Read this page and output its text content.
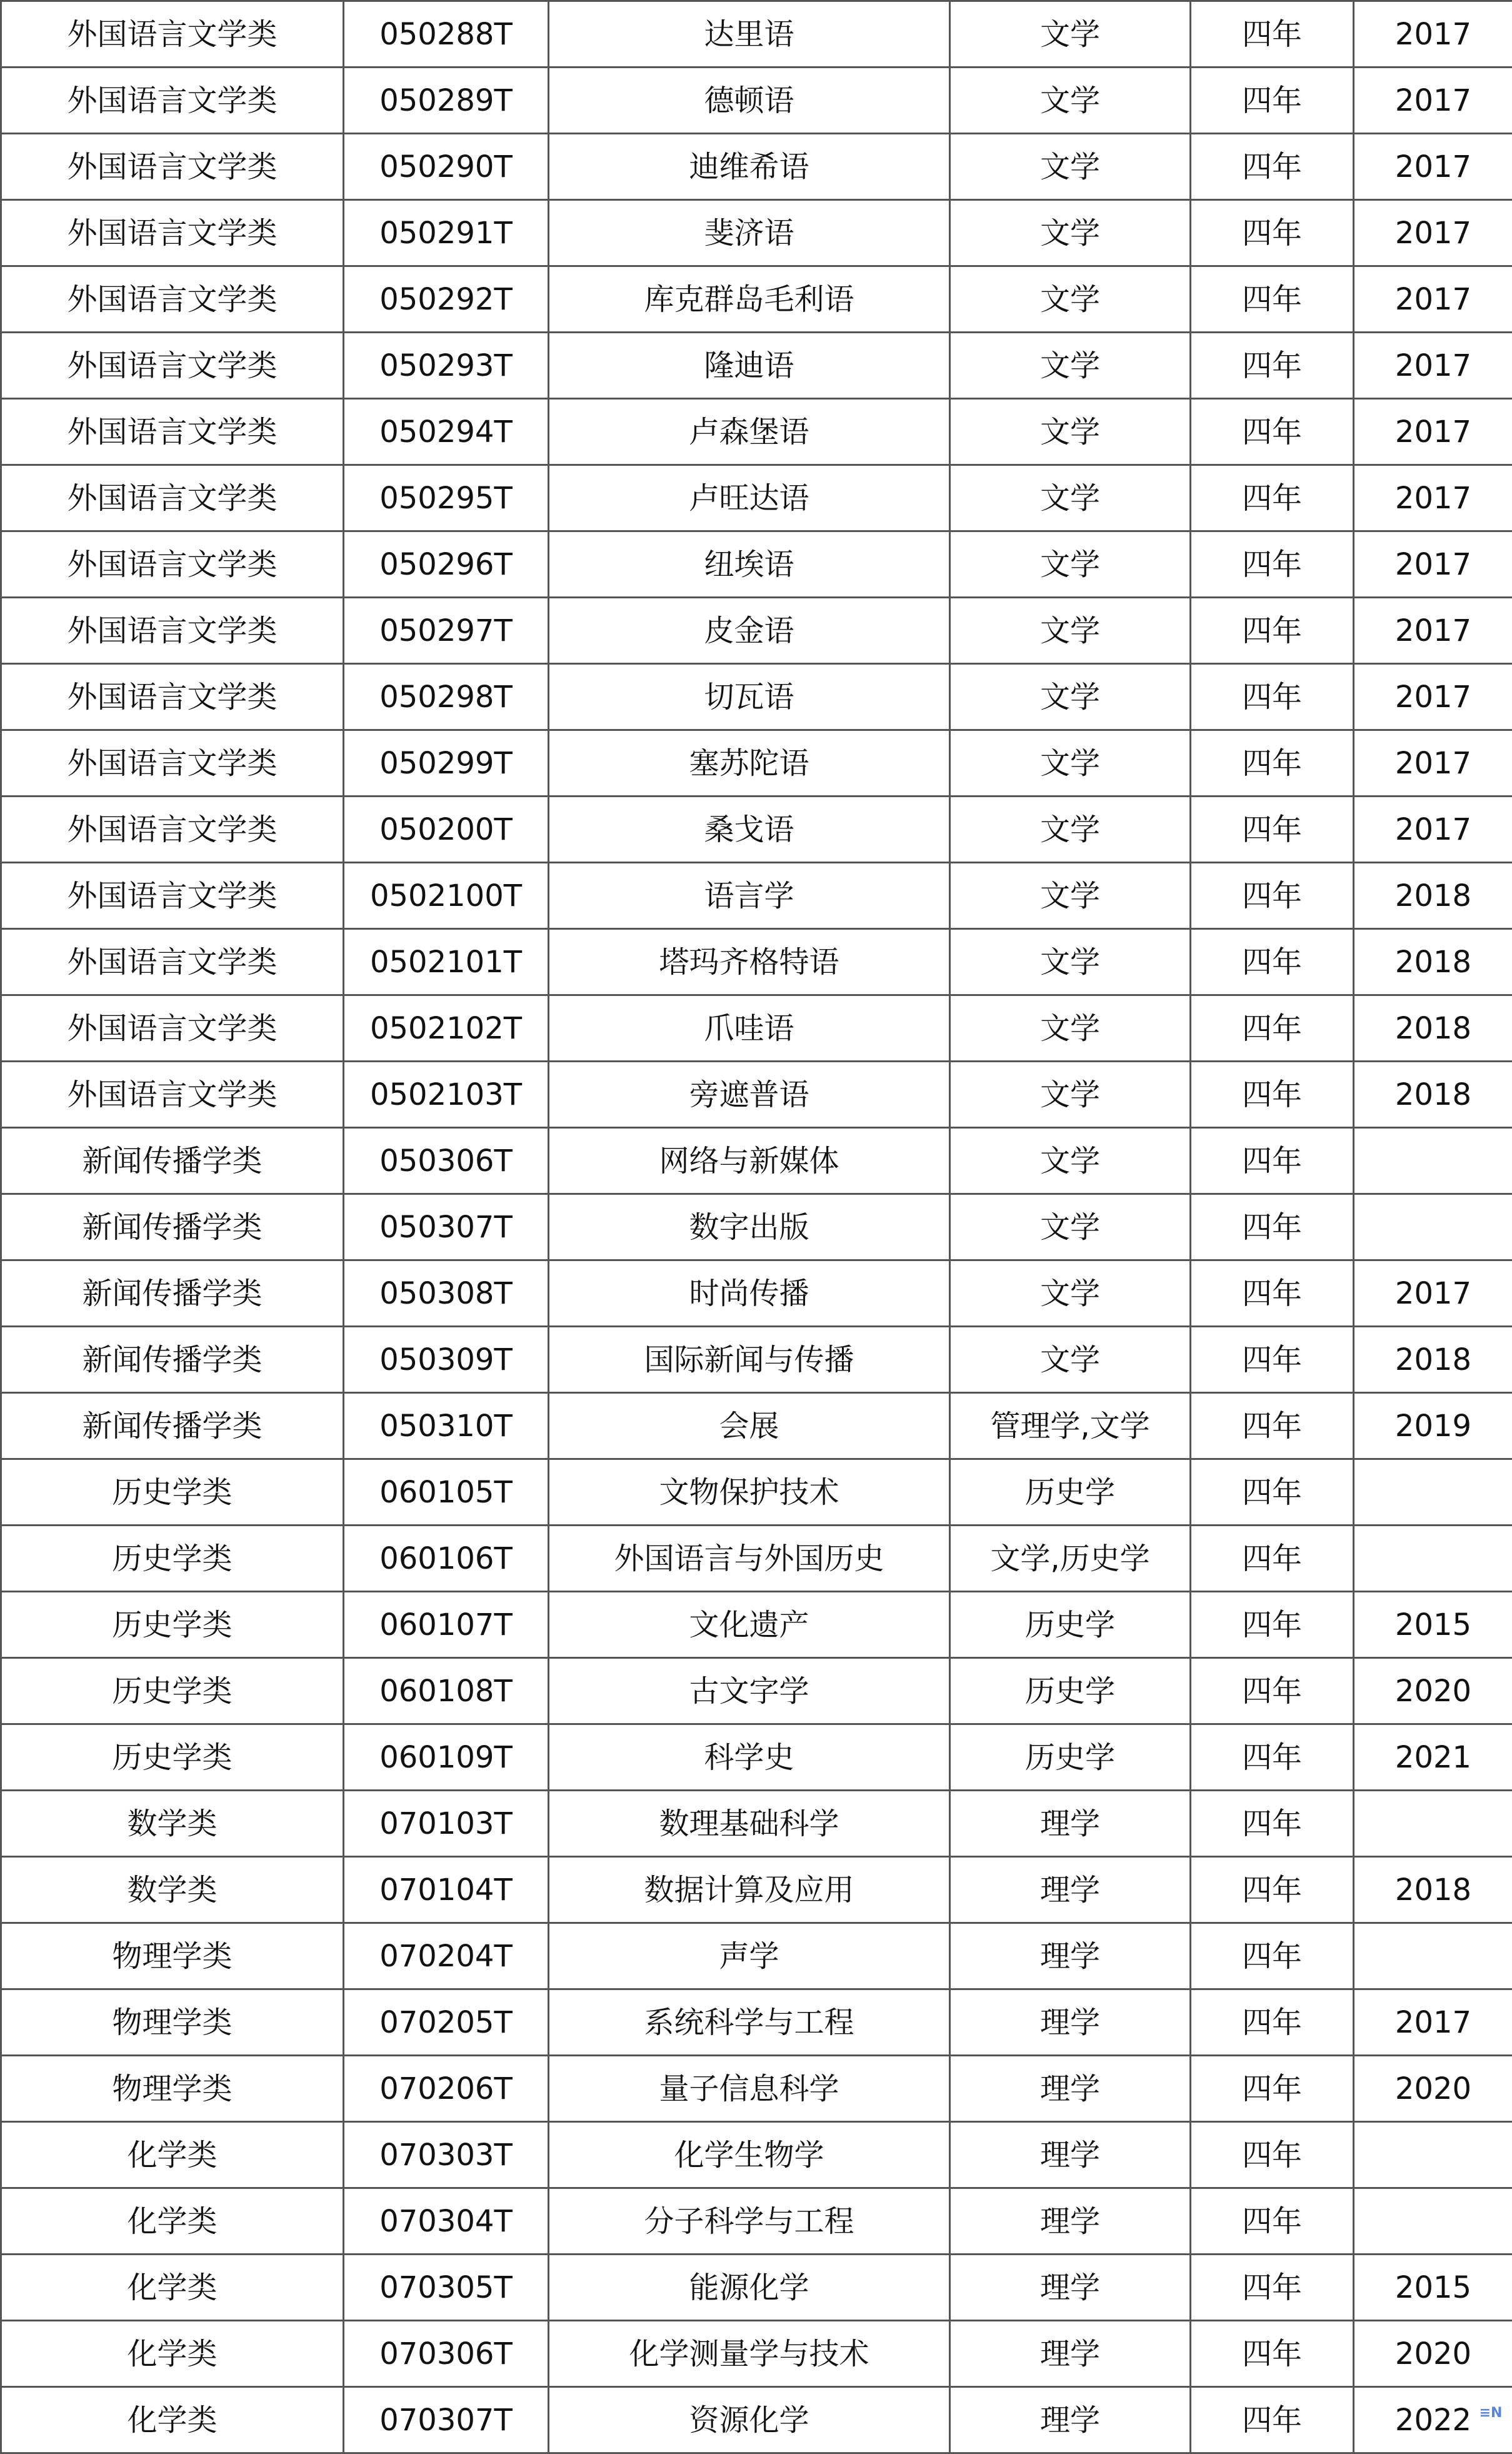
外国语言文学类	050288T	达里语	文学	四年	2017
外国语言文学类	050289T	德顿语	文学	四年	2017
外国语言文学类	050290T	迪维希语	文学	四年	2017
外国语言文学类	050291T	斐济语	文学	四年	2017
外国语言文学类	050292T	库克群岛毛利语	文学	四年	2017
外国语言文学类	050293T	隆迪语	文学	四年	2017
外国语言文学类	050294T	卢森堡语	文学	四年	2017
外国语言文学类	050295T	卢旺达语	文学	四年	2017
外国语言文学类	050296T	纽埃语	文学	四年	2017
外国语言文学类	050297T	皮金语	文学	四年	2017
外国语言文学类	050298T	切瓦语	文学	四年	2017
外国语言文学类	050299T	塞苏陀语	文学	四年	2017
外国语言文学类	050200T	桑戈语	文学	四年	2017
外国语言文学类	0502100T	语言学	文学	四年	2018
外国语言文学类	0502101T	塔玛齐格特语	文学	四年	2018
外国语言文学类	0502102T	爪哇语	文学	四年	2018
外国语言文学类	0502103T	旁遮普语	文学	四年	2018
新闻传播学类	050306T	网络与新媒体	文学	四年	
新闻传播学类	050307T	数字出版	文学	四年	
新闻传播学类	050308T	时尚传播	文学	四年	2017
新闻传播学类	050309T	国际新闻与传播	文学	四年	2018
新闻传播学类	050310T	会展	管理学,文学	四年	2019
历史学类	060105T	文物保护技术	历史学	四年	
历史学类	060106T	外国语言与外国历史	文学,历史学	四年	
历史学类	060107T	文化遗产	历史学	四年	2015
历史学类	060108T	古文字学	历史学	四年	2020
历史学类	060109T	科学史	历史学	四年	2021
数学类	070103T	数理基础科学	理学	四年	
数学类	070104T	数据计算及应用	理学	四年	2018
物理学类	070204T	声学	理学	四年	
物理学类	070205T	系统科学与工程	理学	四年	2017
物理学类	070206T	量子信息科学	理学	四年	2020
化学类	070303T	化学生物学	理学	四年	
化学类	070304T	分子科学与工程	理学	四年	
化学类	070305T	能源化学	理学	四年	2015
化学类	070306T	化学测量学与技术	理学	四年	2020
化学类	070307T	资源化学	理学	四年	2022 ≡N
